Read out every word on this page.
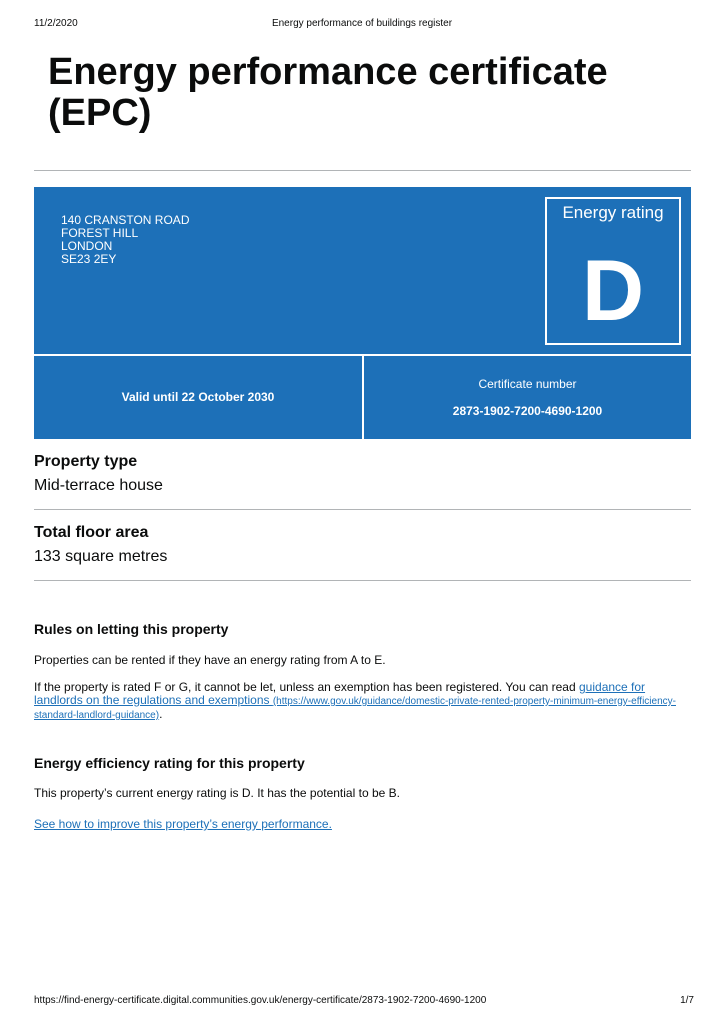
11/2/2020	Energy performance of buildings register
Energy performance certificate (EPC)
140 CRANSTON ROAD
FOREST HILL
LONDON
SE23 2EY
Energy rating
D
Valid until 22 October 2030
Certificate number
2873-1902-7200-4690-1200
Property type
Mid-terrace house
Total floor area
133 square metres
Rules on letting this property
Properties can be rented if they have an energy rating from A to E.
If the property is rated F or G, it cannot be let, unless an exemption has been registered. You can read guidance for landlords on the regulations and exemptions (https://www.gov.uk/guidance/domestic-private-rented-property-minimum-energy-efficiency-standard-landlord-guidance).
Energy efficiency rating for this property
This property’s current energy rating is D. It has the potential to be B.
See how to improve this property’s energy performance.
https://find-energy-certificate.digital.communities.gov.uk/energy-certificate/2873-1902-7200-4690-1200	1/7
